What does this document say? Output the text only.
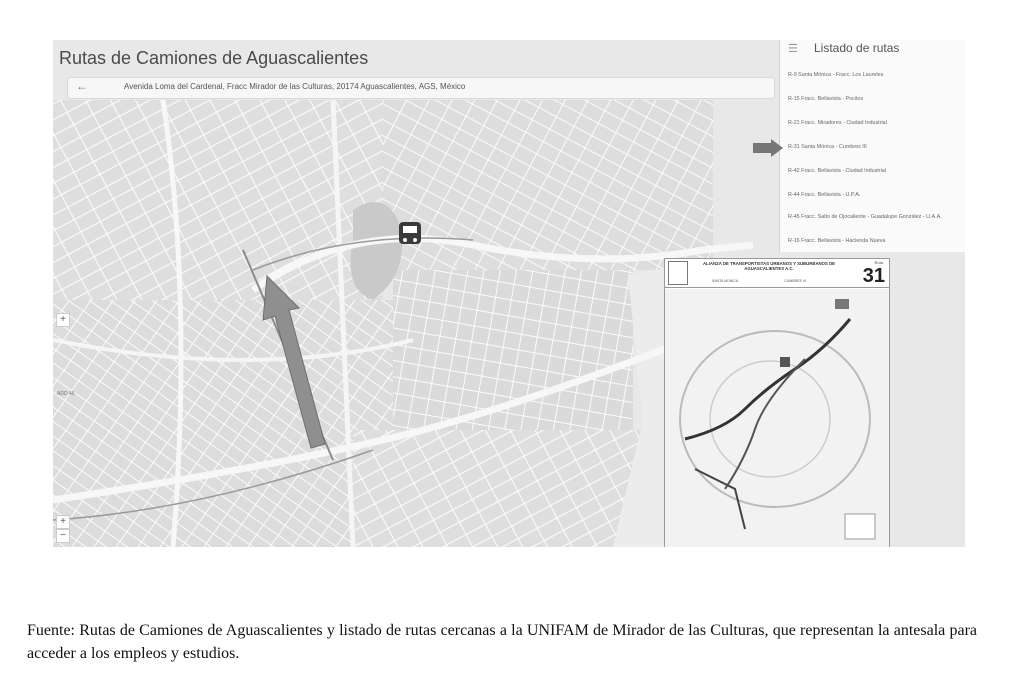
Rutas de Camiones de Aguascalientes
←	Avenida Loma del Cardenal, Fracc Mirador de las Culturas, 20174 Aguascalientes, AGS, México
+
ADD 45
+
−
☰ Listado de rutas
R-9 Santa Mónica - Fracc. Los Laureles
R-15 Fracc. Bellavista - Pocitos
R-21 Fracc. Miradores - Ciudad Industrial
R-31 Santa Mónica - Cumbres III
R-42 Fracc. Bellavista - Ciudad Industrial
R-44 Fracc. Bellavista - U.P.A.
R-45 Fracc. Salto de Ojocaliente - Guadalupe González - U.A.A.
R-16 Fracc. Bellavista - Hacienda Nueva
ALIANZA DE TRANSPORTISTAS URBANOS Y SUBURBANOS DE AGUASCALIENTES A.C.
Ruta
31
SANTA MONICA	CUMBRES III
Fuente: Rutas de Camiones de Aguascalientes y listado de rutas cercanas a la UNIFAM de Mirador de las Culturas, que representan la antesala para acceder a los empleos y estudios.
